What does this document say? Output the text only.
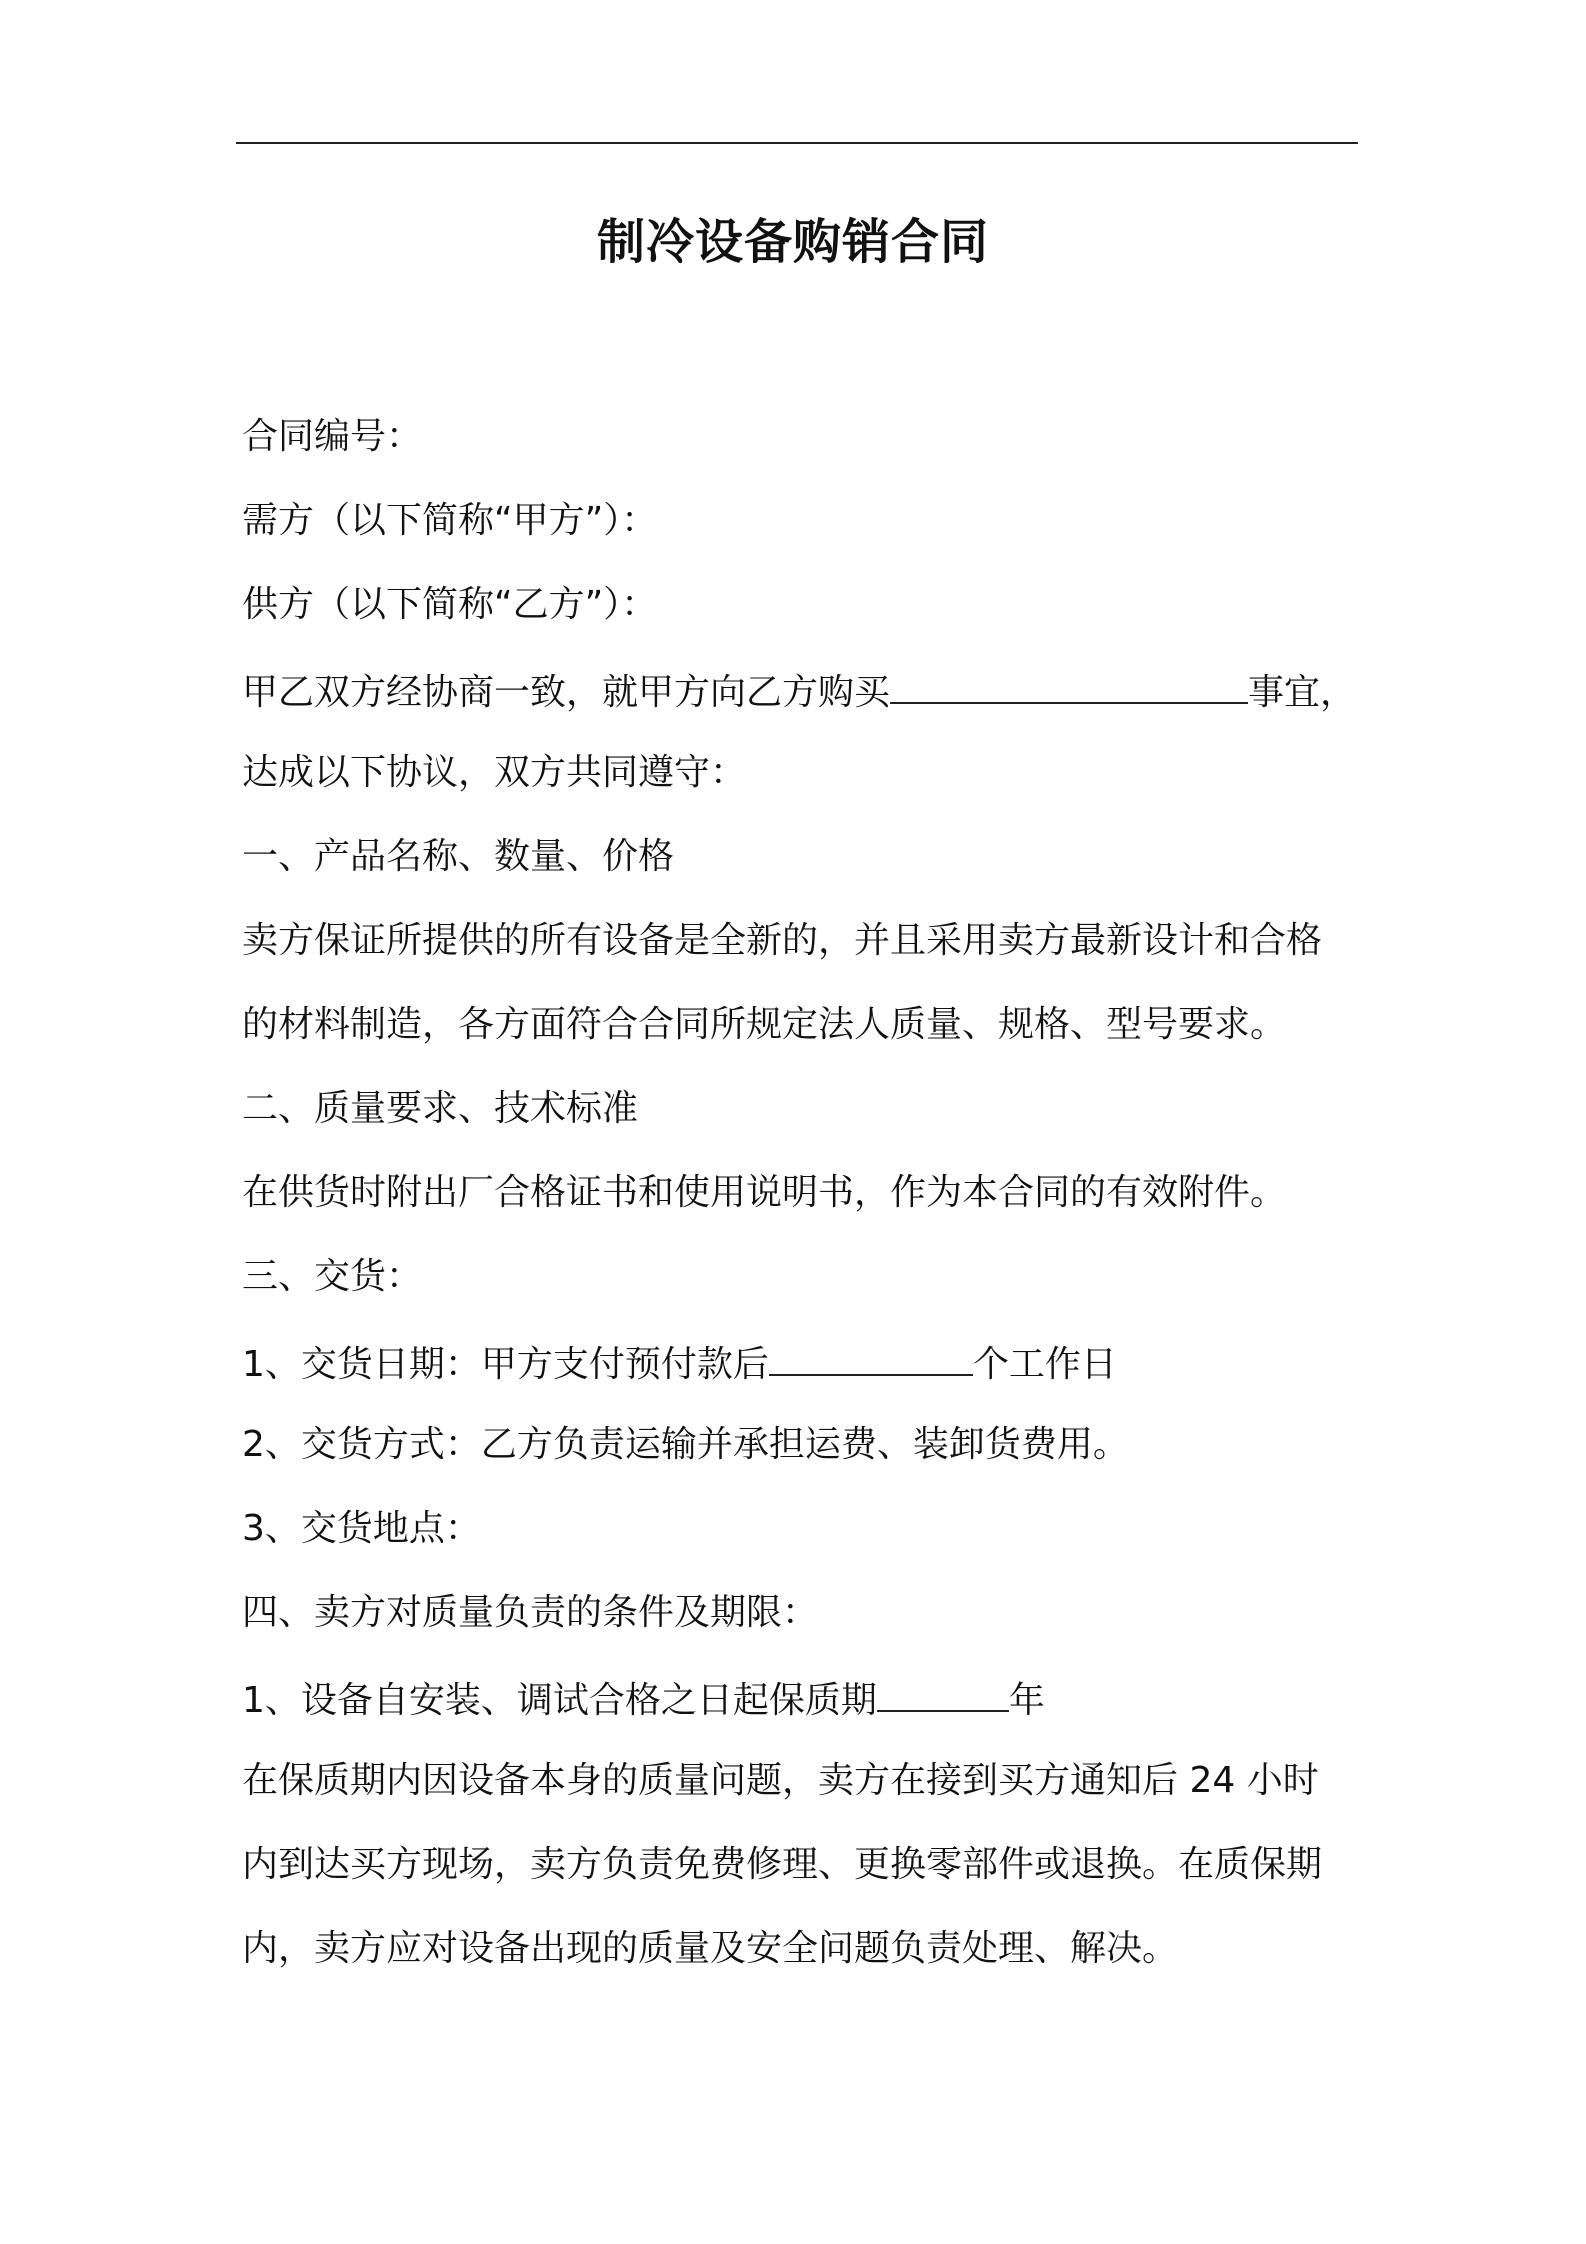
制冷设备购销合同
合同编号：
需方（以下简称“甲方”）：
供方（以下简称“乙方”）：
甲乙双方经协商一致，就甲方向乙方购买	事宜，
达成以下协议，双方共同遵守：
一、产品名称、数量、价格
卖方保证所提供的所有设备是全新的，并且采用卖方最新设计和合格
的材料制造，各方面符合合同所规定法人质量、规格、型号要求。
二、质量要求、技术标准
在供货时附出厂合格证书和使用说明书，作为本合同的有效附件。
三、交货：
1、交货日期：甲方支付预付款后	个工作日
2、交货方式：乙方负责运输并承担运费、装卸货费用。
3、交货地点：
四、卖方对质量负责的条件及期限：
1、设备自安装、调试合格之日起保质期	年
在保质期内因设备本身的质量问题，卖方在接到买方通知后 24 小时
内到达买方现场，卖方负责免费修理、更换零部件或退换。在质保期
内，卖方应对设备出现的质量及安全问题负责处理、解决。
